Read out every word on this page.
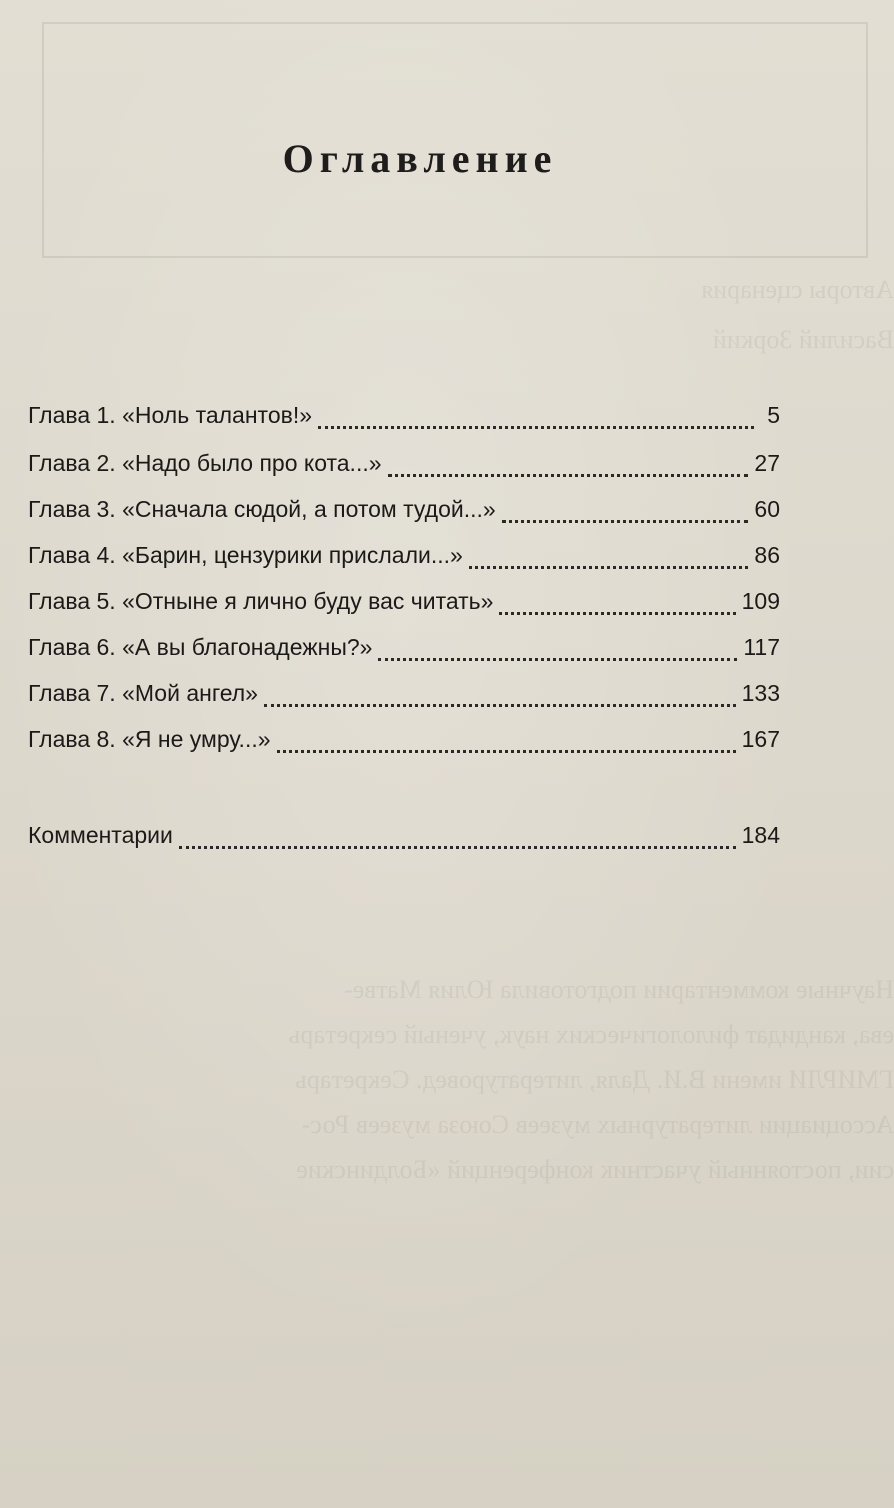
Авторы сценария
Василий Зоркий
Научные комментарии подготовила Юлия Матве-
ева, кандидат филологических наук, ученый секретарь
ГМИРЛИ имени В.И. Даля, литературовед. Секретарь
Ассоциации литературных музеев Союза музеев Рос-
сии, постоянный участник конференций «Болдинские
Оглавление
Глава 1. «Ноль талантов!»	5
Глава 2. «Надо было про кота...»	27
Глава 3. «Сначала сюдой, а потом тудой...»	60
Глава 4. «Барин, цензурики прислали...»	86
Глава 5. «Отныне я лично буду вас читать»	109
Глава 6. «А вы благонадежны?»	117
Глава 7. «Мой ангел»	133
Глава 8. «Я не умру...»	167
Комментарии	184
